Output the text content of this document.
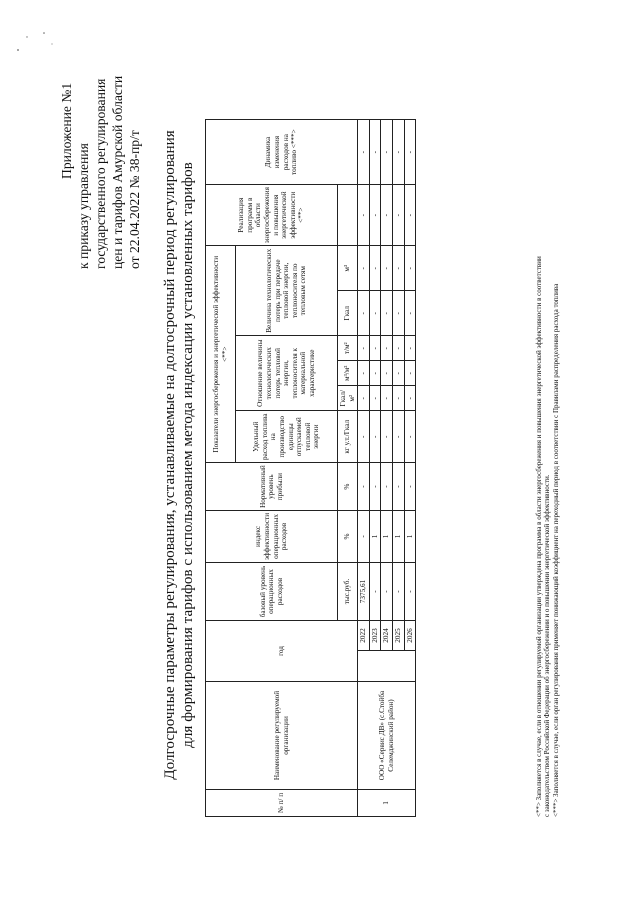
Приложение №1
к приказу управления государственного регулирования цен и тарифов Амурской области от 22.04.2022 № 38-пр/т Долгосрочные параметры регулирования, устанавливаемые на долгосрочный период регулирования для формирования тарифов с использованием метода индексации установленных тарифов
№ п/ п	Наименование регулируемой организации	год		базовый уровень операционных расходов	индекс эффективности операционных расходов	Нормативный уровень прибыли	Показатели энергосбережения и энергетической эффективности <**>						Реализация программ в области энергосбережения и повышения энергетической эффективности <**>	Динамика изменения расходов на топливо <***>
							Удельный расход топлива на производство единицы отпускаемой тепловой энергии	Отношение величины технологических потерь тепловой энергии, теплоносителя к материальной характеристике			Величина технологических потерь при передаче тепловой энергии, теплоносителя по тепловым сетям			
				тыс.руб.	%	%	кг у.т./Гкал	Гкал/м²	м³/м²	т/м²	Гкал	м³		
1	ООО «Сервис ДВ» (с.Стойба Селемджинский район)		2022	7375,61	-	-	-	-	-	-	-	-	-	-
			2023	-	1	-	-	-	-	-	-	-	-	-
			2024	-	1	-	-	-	-	-	-	-	-	-
			2025	-	1	-	-	-	-	-	-	-	-	-
			2026	-	1	-	-	-	-	-	-	-	-	-
<**> Заполняется в случае, если в отношении регулируемой организации утверждена программа в области энергосбережения и повышения энергетической эффективности в соответствии с законодательством Российской Федерации об энергосбережении и о повышении энергетической эффективности. <***> Заполняется в случае, если орган регулирования применяет понижающий коэффициент на переходный период в соответствии с Правилами распределения расхода топлива
